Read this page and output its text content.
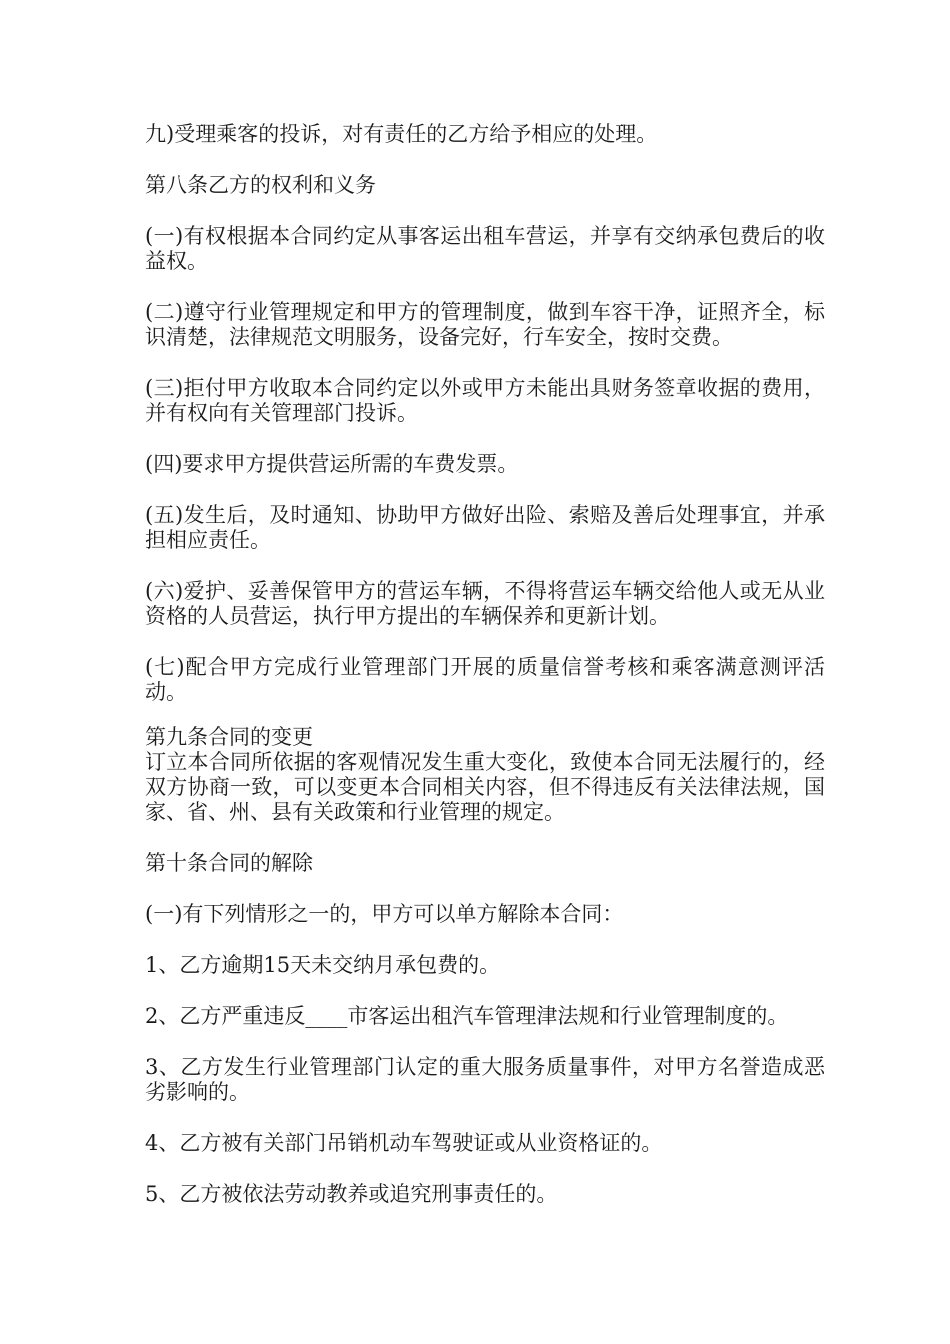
九)受理乘客的投诉，对有责任的乙方给予相应的处理。

第八条乙方的权利和义务

(一)有权根据本合同约定从事客运出租车营运，并享有交纳承包费后的收益权。

(二)遵守行业管理规定和甲方的管理制度，做到车容干净，证照齐全，标识清楚，法律规范文明服务，设备完好，行车安全，按时交费。

(三)拒付甲方收取本合同约定以外或甲方未能出具财务签章收据的费用，并有权向有关管理部门投诉。

(四)要求甲方提供营运所需的车费发票。

(五)发生后，及时通知、协助甲方做好出险、索赔及善后处理事宜，并承担相应责任。

(六)爱护、妥善保管甲方的营运车辆，不得将营运车辆交给他人或无从业资格的人员营运，执行甲方提出的车辆保养和更新计划。

(七)配合甲方完成行业管理部门开展的质量信誉考核和乘客满意测评活动。

第九条合同的变更

订立本合同所依据的客观情况发生重大变化，致使本合同无法履行的，经双方协商一致，可以变更本合同相关内容，但不得违反有关法律法规，国家、省、州、县有关政策和行业管理的规定。

第十条合同的解除

(一)有下列情形之一的，甲方可以单方解除本合同：

1、乙方逾期15天未交纳月承包费的。

2、乙方严重违反____市客运出租汽车管理津法规和行业管理制度的。

3、乙方发生行业管理部门认定的重大服务质量事件，对甲方名誉造成恶劣影响的。

4、乙方被有关部门吊销机动车驾驶证或从业资格证的。

5、乙方被依法劳动教养或追究刑事责任的。
